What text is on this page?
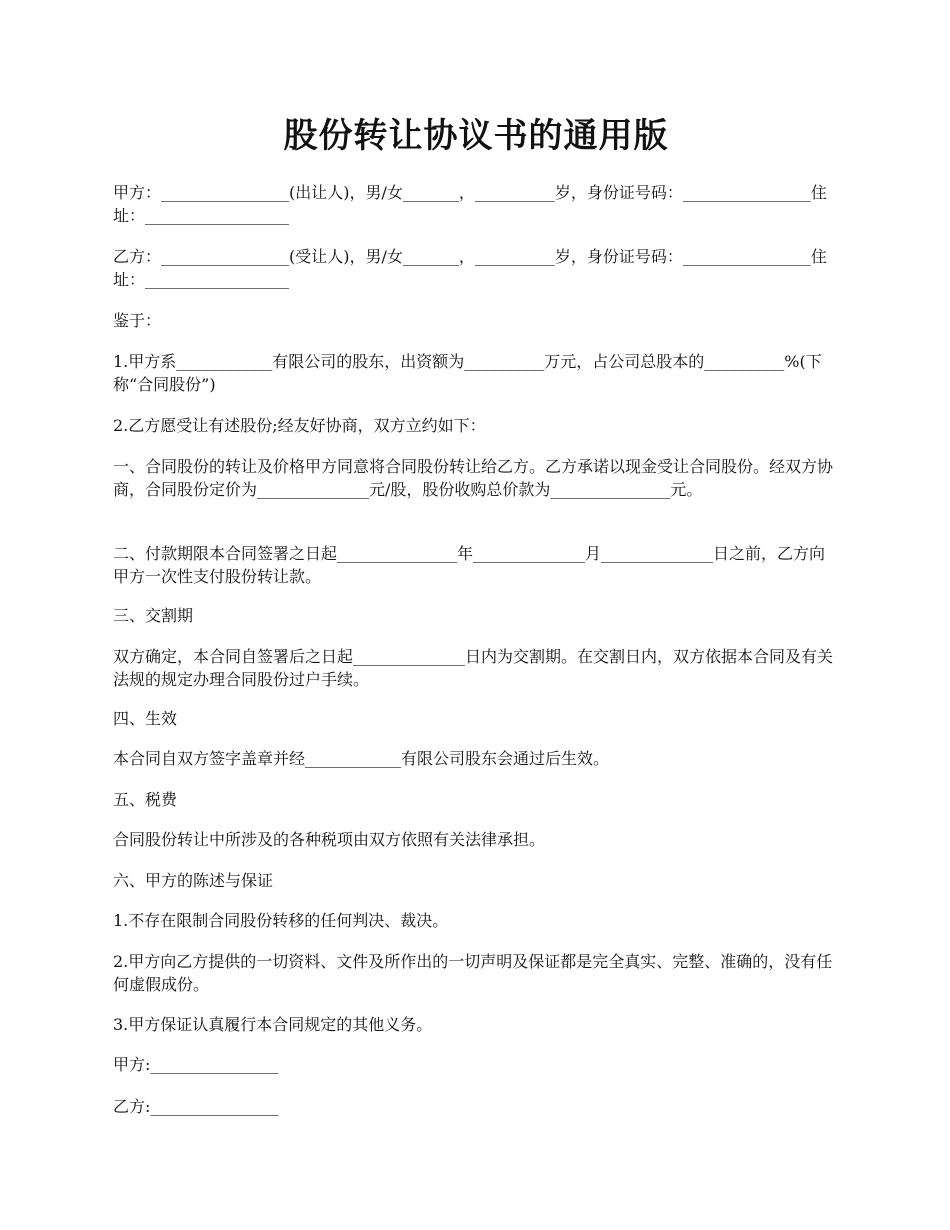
股份转让协议书的通用版

甲方：________________(出让人)，男/女_______，__________岁，身份证号码：________________住址：__________________

乙方：________________(受让人)，男/女_______，__________岁，身份证号码：________________住址：__________________

鉴于：

1.甲方系____________有限公司的股东，出资额为__________万元，占公司总股本的__________%(下称“合同股份”)

2.乙方愿受让有述股份;经友好协商，双方立约如下：

一、合同股份的转让及价格甲方同意将合同股份转让给乙方。乙方承诺以现金受让合同股份。经双方协商，合同股份定价为______________元/股，股份收购总价款为_______________元。

二、付款期限本合同签署之日起_______________年______________月______________日之前，乙方向甲方一次性支付股份转让款。

三、交割期

双方确定，本合同自签署后之日起______________日内为交割期。在交割日内，双方依据本合同及有关法规的规定办理合同股份过户手续。

四、生效

本合同自双方签字盖章并经____________有限公司股东会通过后生效。

五、税费

合同股份转让中所涉及的各种税项由双方依照有关法律承担。

六、甲方的陈述与保证

1.不存在限制合同股份转移的任何判决、裁决。

2.甲方向乙方提供的一切资料、文件及所作出的一切声明及保证都是完全真实、完整、准确的，没有任何虚假成份。

3.甲方保证认真履行本合同规定的其他义务。

甲方:________________

乙方:________________
